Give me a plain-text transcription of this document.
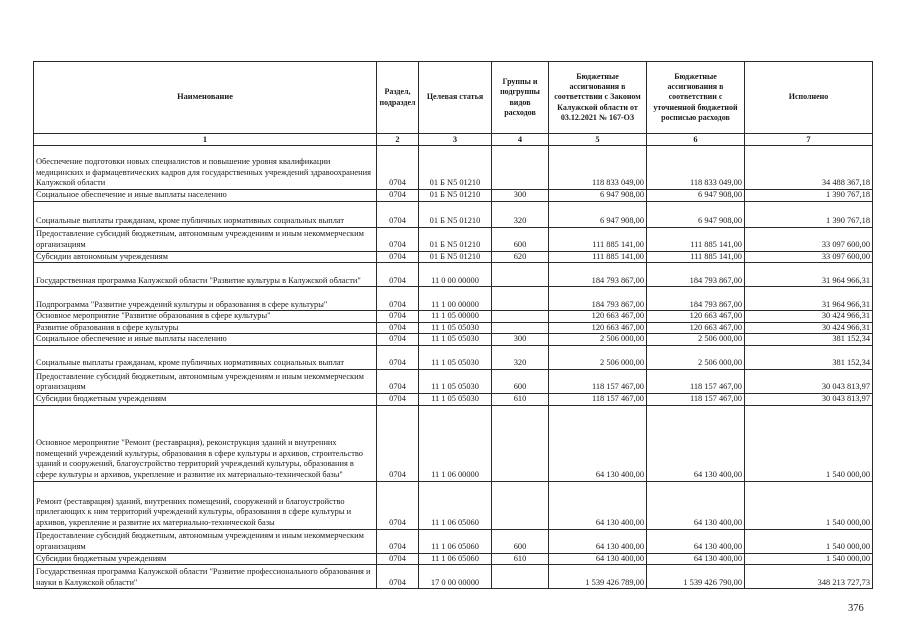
Наименование	Раздел, подраздел	Целевая статья	Группы и подгруппы видов расходов	Бюджетные ассигнования в соответствии с Законом Калужской области от 03.12.2021 № 167-ОЗ	Бюджетные ассигнования в соответствии с уточненной бюджетной росписью расходов	Исполнено
1	2	3	4	5	6	7
Обеспечение подготовки новых специалистов и повышение уровня квалификации медицинских и фармацевтических кадров для государственных учреждений здравоохранения Калужской области	0704	01 Б N5 01210		118 833 049,00	118 833 049,00	34 488 367,18
Социальное обеспечение и иные выплаты населению	0704	01 Б N5 01210	300	6 947 908,00	6 947 908,00	1 390 767,18
Социальные выплаты гражданам, кроме публичных нормативных социальных выплат	0704	01 Б N5 01210	320	6 947 908,00	6 947 908,00	1 390 767,18
Предоставление субсидий бюджетным, автономным учреждениям и иным некоммерческим организациям	0704	01 Б N5 01210	600	111 885 141,00	111 885 141,00	33 097 600,00
Субсидии автономным учреждениям	0704	01 Б N5 01210	620	111 885 141,00	111 885 141,00	33 097 600,00
Государственная программа Калужской области "Развитие культуры в Калужской области"	0704	11 0 00 00000		184 793 867,00	184 793 867,00	31 964 966,31
Подпрограмма "Развитие учреждений культуры и образования в сфере культуры"	0704	11 1 00 00000		184 793 867,00	184 793 867,00	31 964 966,31
Основное мероприятие "Развитие образования в сфере культуры"	0704	11 1 05 00000		120 663 467,00	120 663 467,00	30 424 966,31
Развитие образования в сфере культуры	0704	11 1 05 05030		120 663 467,00	120 663 467,00	30 424 966,31
Социальное обеспечение и иные выплаты населению	0704	11 1 05 05030	300	2 506 000,00	2 506 000,00	381 152,34
Социальные выплаты гражданам, кроме публичных нормативных социальных выплат	0704	11 1 05 05030	320	2 506 000,00	2 506 000,00	381 152,34
Предоставление субсидий бюджетным, автономным учреждениям и иным некоммерческим организациям	0704	11 1 05 05030	600	118 157 467,00	118 157 467,00	30 043 813,97
Субсидии бюджетным учреждениям	0704	11 1 05 05030	610	118 157 467,00	118 157 467,00	30 043 813,97
Основное мероприятие "Ремонт (реставрация), реконструкция зданий и внутренних помещений учреждений культуры, образования в сфере культуры и архивов, строительство зданий и сооружений, благоустройство территорий учреждений культуры, образования в сфере культуры и архивов, укрепление и развитие их материально-технической базы"	0704	11 1 06 00000		64 130 400,00	64 130 400,00	1 540 000,00
Ремонт (реставрация) зданий, внутренних помещений, сооружений и благоустройство прилегающих к ним территорий учреждений культуры, образования в сфере культуры и архивов, укрепление и развитие их материально-технической базы	0704	11 1 06 05060		64 130 400,00	64 130 400,00	1 540 000,00
Предоставление субсидий бюджетным, автономным учреждениям и иным некоммерческим организациям	0704	11 1 06 05060	600	64 130 400,00	64 130 400,00	1 540 000,00
Субсидии бюджетным учреждениям	0704	11 1 06 05060	610	64 130 400,00	64 130 400,00	1 540 000,00
Государственная программа Калужской области "Развитие профессионального образования и науки в Калужской области"	0704	17 0 00 00000		1 539 426 789,00	1 539 426 790,00	348 213 727,73
376
